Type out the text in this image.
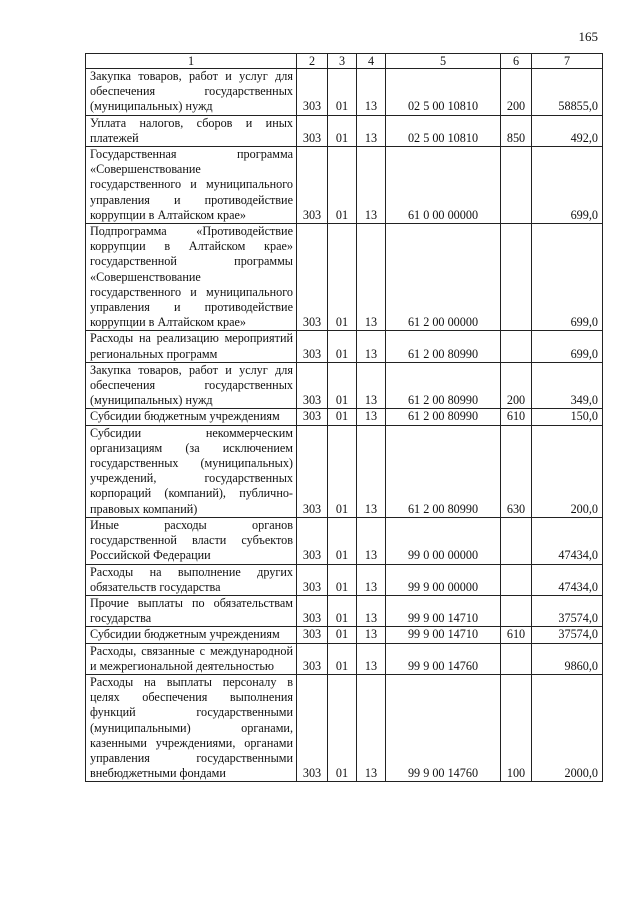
165
1	2	3	4	5	6	7
Закупка товаров, работ и услуг для обеспечения государственных (муниципальных) нужд	303	01	13	02 5 00 10810	200	58855,0
Уплата налогов, сборов и иных платежей	303	01	13	02 5 00 10810	850	492,0
Государственная программа «Совершенствование государственного и муниципального управления и противодействие коррупции в Алтайском крае»	303	01	13	61 0 00 00000		699,0
Подпрограмма «Противодействие коррупции в Алтайском крае» государственной программы «Совершенствование государственного и муниципального управления и противодействие коррупции в Алтайском крае»	303	01	13	61 2 00 00000		699,0
Расходы на реализацию мероприятий региональных программ	303	01	13	61 2 00 80990		699,0
Закупка товаров, работ и услуг для обеспечения государственных (муниципальных) нужд	303	01	13	61 2 00 80990	200	349,0
Субсидии бюджетным учреждениям	303	01	13	61 2 00 80990	610	150,0
Субсидии некоммерческим организациям (за исключением государственных (муниципальных) учреждений, государственных корпораций (компаний), публично-правовых компаний)	303	01	13	61 2 00 80990	630	200,0
Иные расходы органов государственной власти субъектов Российской Федерации	303	01	13	99 0 00 00000		47434,0
Расходы на выполнение других обязательств государства	303	01	13	99 9 00 00000		47434,0
Прочие выплаты по обязательствам государства	303	01	13	99 9 00 14710		37574,0
Субсидии бюджетным учреждениям	303	01	13	99 9 00 14710	610	37574,0
Расходы, связанные с международной и межрегиональной деятельностью	303	01	13	99 9 00 14760		9860,0
Расходы на выплаты персоналу в целях обеспечения выполнения функций государственными (муниципальными) органами, казенными учреждениями, органами управления государственными внебюджетными фондами	303	01	13	99 9 00 14760	100	2000,0
